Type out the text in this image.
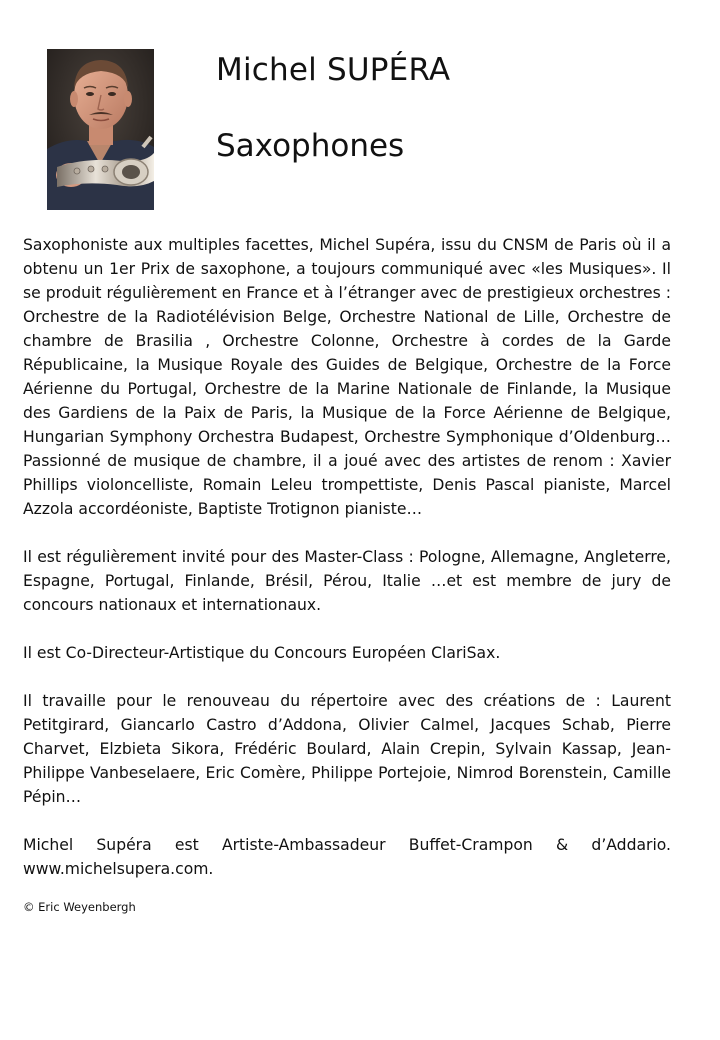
Michel SUPÉRA
Saxophones

Saxophoniste aux multiples facettes, Michel Supéra, issu du CNSM de Paris où il a obtenu un 1er Prix de saxophone, a toujours communiqué avec «les Musiques». Il se produit régulièrement en France et à l’étranger avec de prestigieux orchestres : Orchestre de la Radiotélévision Belge, Orchestre National de Lille, Orchestre de chambre de Brasilia , Orchestre Colonne, Orchestre à cordes de la Garde Républicaine, la Musique Royale des Guides de Belgique, Orchestre de la Force Aérienne du Portugal, Orchestre de la Marine Nationale de Finlande, la Musique des Gardiens de la Paix de Paris, la Musique de la Force Aérienne de Belgique, Hungarian Symphony Orchestra Budapest, Orchestre Symphonique d’Oldenburg… Passionné de musique de chambre, il a joué avec des artistes de renom : Xavier Phillips violoncelliste, Romain Leleu trompettiste, Denis Pascal pianiste, Marcel Azzola accordéoniste, Baptiste Trotignon pianiste…

Il est régulièrement invité pour des Master-Class : Pologne, Allemagne, Angleterre, Espagne, Portugal, Finlande, Brésil, Pérou, Italie …et est membre de jury de concours nationaux et internationaux.

Il est Co-Directeur-Artistique du Concours Européen ClariSax.

Il travaille pour le renouveau du répertoire avec des créations de : Laurent Petitgirard, Giancarlo Castro d’Addona, Olivier Calmel, Jacques Schab, Pierre Charvet, Elzbieta Sikora, Frédéric Boulard, Alain Crepin, Sylvain Kassap, Jean-Philippe Vanbeselaere, Eric Comère, Philippe Portejoie, Nimrod Borenstein, Camille Pépin…

Michel Supéra est Artiste-Ambassadeur Buffet-Crampon & d’Addario. www.michelsupera.com.

© Eric Weyenbergh
